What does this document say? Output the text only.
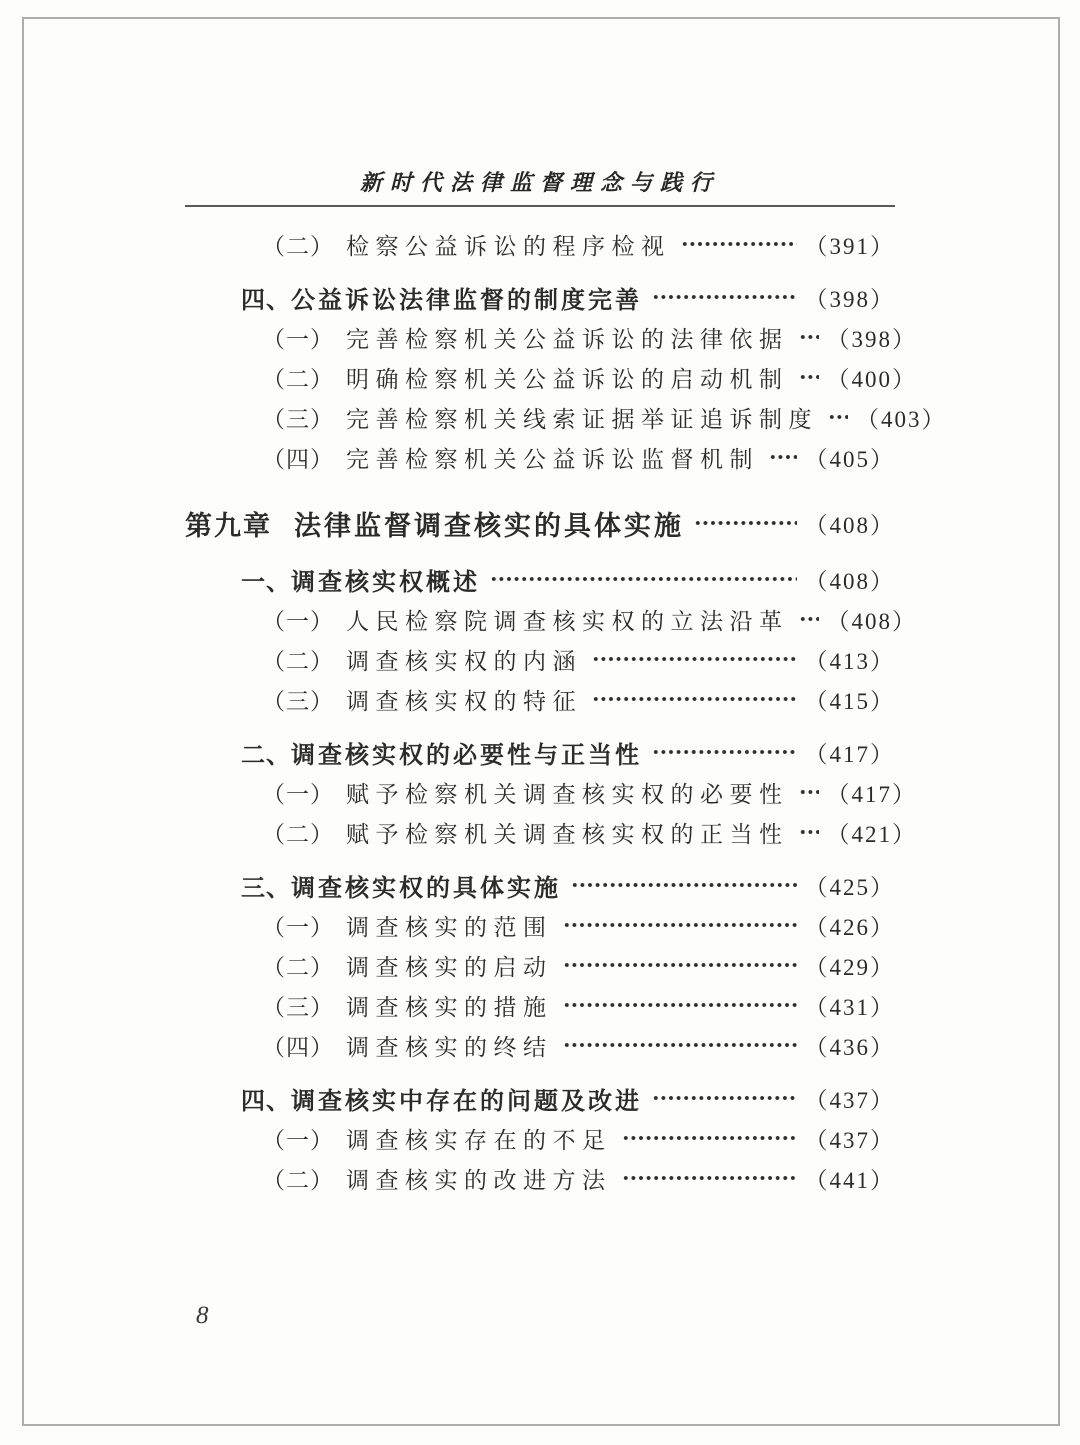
新时代法律监督理念与践行
（二） 检察公益诉讼的程序检视	（391）
四、 公益诉讼法律监督的制度完善	（398）
（一） 完善检察机关公益诉讼的法律依据 （398）
（二） 明确检察机关公益诉讼的启动机制 （400）
（三） 完善检察机关线索证据举证追诉制度 （403）
（四） 完善检察机关公益诉讼监督机制 （405）
第九章 法律监督调查核实的具体实施	（408）
一、 调查核实权概述	（408）
（一） 人民检察院调查核实权的立法沿革 （408）
（二） 调查核实权的内涵	（413）
（三） 调查核实权的特征	（415）
二、 调查核实权的必要性与正当性	（417）
（一） 赋予检察机关调查核实权的必要性 （417）
（二） 赋予检察机关调查核实权的正当性 （421）
三、 调查核实权的具体实施	（425）
（一） 调查核实的范围	（426）
（二） 调查核实的启动	（429）
（三） 调查核实的措施	（431）
（四） 调查核实的终结	（436）
四、 调查核实中存在的问题及改进	（437）
（一） 调查核实存在的不足	（437）
（二） 调查核实的改进方法	（441）
8
